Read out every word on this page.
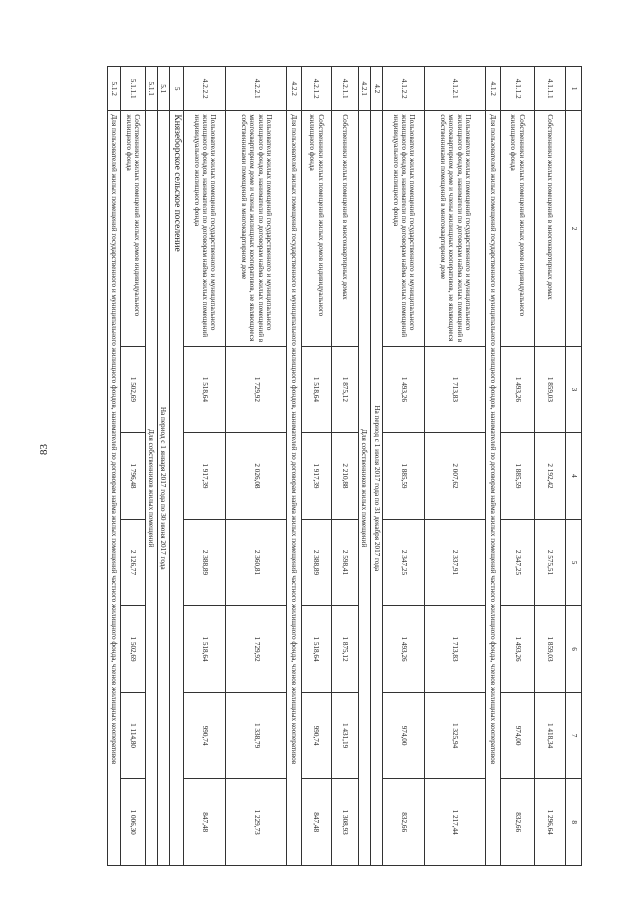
83
1	2	3	4	5	6	7	8
4.1.1.1	Собственники жилых помещений в многоквартирных домах	1 859,03	2 192,42	2 575,51	1 859,03	1 418,34	1 296,64
4.1.1.2	Собственники жилых помещений жилых домов индивидуального жилищного фонда	1 493,26	1 885,59	2 347,25	1 493,26	974,00	832,66
4.1.2	Для пользователей жилых помещений государственного и муниципального жилищного фондов, нанимателей по договорам найма жилых помещений частного жилищного фонда, членов жилищных кооперативов						
4.1.2.1	Пользователи жилых помещений государственного и муниципального жилищного фондов, наниматели по договорам найма жилых помещений в многоквартирном доме и члены жилищных кооперативов, не являющиеся собственниками помещений в многоквартирном доме	1 713,83	2 007,62	2 337,91	1 713,83	1 325,94	1 217,44
4.1.2.2	Пользователи жилых помещений государственного и муниципального жилищного фондов, наниматели по договорам найма жилых помещений индивидуального жилищного фонда	1 493,26	1 885,59	2 347,25	1 493,26	974,00	832,66
4.2	На период с 1 июля 2017 года по 31 декабря 2017 года						
4.2.1	Для собственников жилых помещений						
4.2.1.1	Собственники жилых помещений в многоквартирных домах	1 875,12	2 210,88	2 598,41	1 875,12	1 431,19	1 308,93
4.2.1.2	Собственники жилых помещений жилых домов индивидуального жилищного фонда	1 518,64	1 917,39	2 388,89	1 518,64	990,74	847,48
4.2.2	Для пользователей жилых помещений государственного и муниципального жилищного фондов, нанимателей по договорам найма жилых помещений частного жилищного фонда, членов жилищных кооперативов						
4.2.2.1	Пользователи жилых помещений государственного и муниципального жилищного фондов, наниматели по договорам найма жилых помещений в многоквартирном доме и члены жилищных кооперативов, не являющиеся собственниками помещений в многоквартирном доме	1 729,92	2 026,08	2 360,81	1 729,92	1 338,79	1 229,73
4.2.2.2	Пользователи жилых помещений государственного и муниципального жилищного фондов, наниматели по договорам найма жилых помещений индивидуального жилищного фонда	1 518,64	1 917,39	2 388,89	1 518,64	990,74	847,48
5	Князеборское сельское поселение						
5.1	На период с 1 января 2017 года по 30 июня 2017 года						
5.1.1	Для собственников жилых помещений						
5.1.1.1	Собственники жилых помещений жилых домов индивидуального жилищного фонда	1 502,69	1 796,48	2 126,77	1 502,69	1 114,80	1 006,30
5.1.2	Для пользователей жилых помещений государственного и муниципального жилищного фондов, нанимателей по договорам найма жилых помещений частного жилищного фонда, членов жилищных кооперативов						
